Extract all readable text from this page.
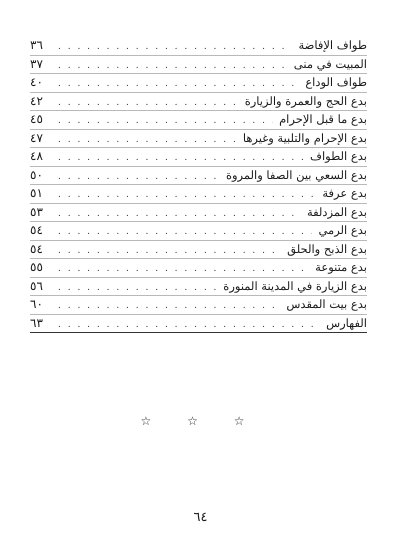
طواف الإفاضة
. . .
٣٦
المبيت في منى
. . .
٣٧
طواف الوداع
. . .
٤٠
بدع الحج والعمرة والزيارة
. . .
٤٢
بدع ما قبل الإحرام
. . .
٤٥
بدع الإحرام والتلبية وغيرها
. . .
٤٧
بدع الطواف
. . .
٤٨
بدع السعي بين الصفا والمروة
. . .
٥٠
بدع عرفة
. . .
٥١
بدع المزدلفة
. . .
٥٣
بدع الرمي
. . .
٥٤
بدع الذبح والحلق
. . .
٥٤
بدع متنوعة
. . .
٥٥
بدع الزيارة في المدينة المنورة
. . .
٥٦
بدع بيت المقدس
. . .
٦٠
الفهارس
. . .
٦٣
☆ ☆ ☆
٦٤
